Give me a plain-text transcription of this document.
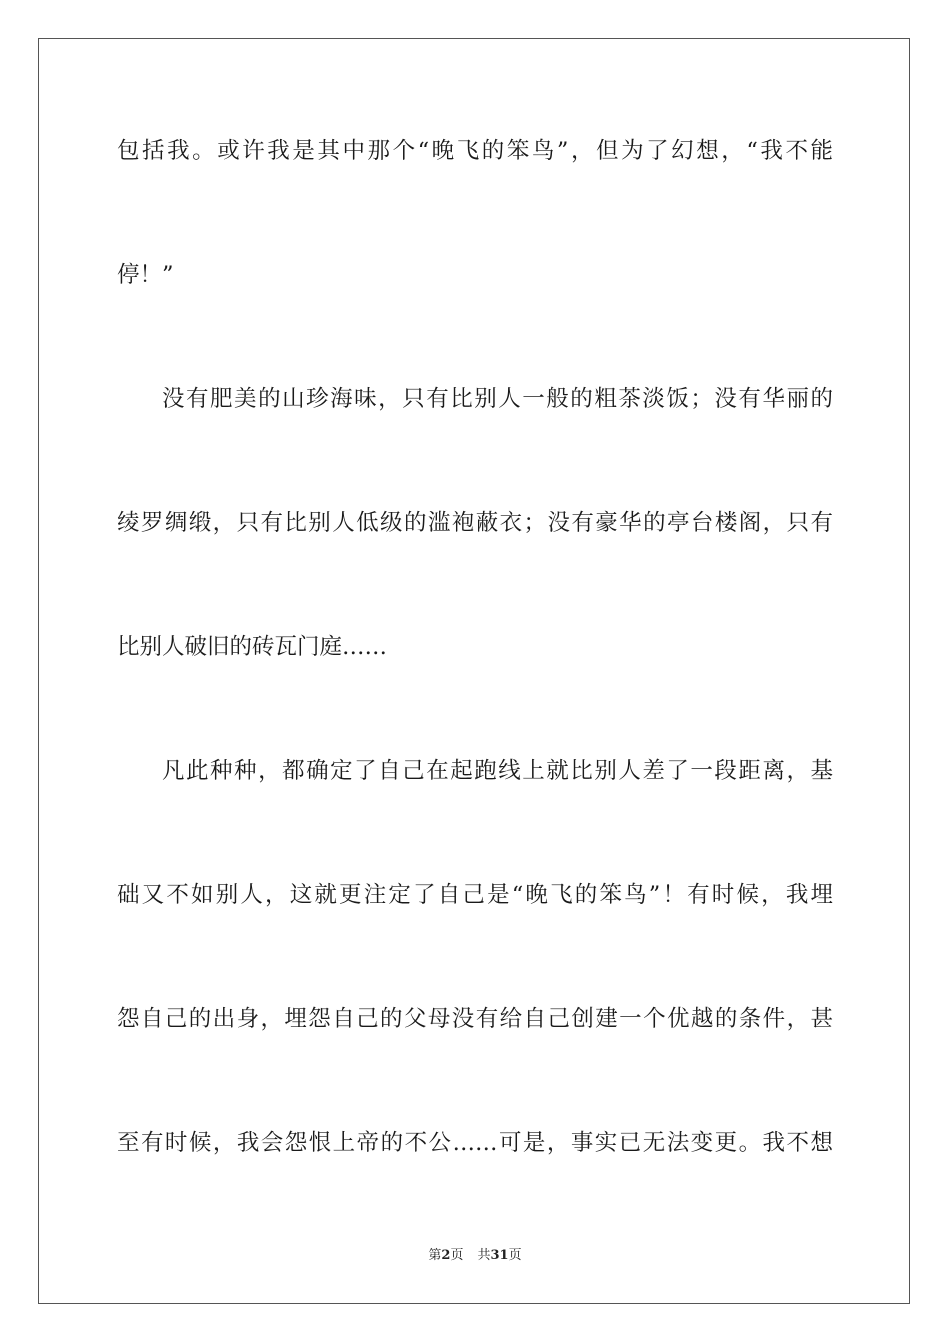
包括我。或许我是其中那个“晚飞的笨鸟”，但为了幻想，“我不能
停！”
没有肥美的山珍海味，只有比别人一般的粗茶淡饭；没有华丽的
绫罗绸缎，只有比别人低级的滥袍蔽衣；没有豪华的亭台楼阁，只有
比别人破旧的砖瓦门庭……
凡此种种，都确定了自己在起跑线上就比别人差了一段距离，基
础又不如别人，这就更注定了自己是“晚飞的笨鸟”！有时候，我埋
怨自己的出身，埋怨自己的父母没有给自己创建一个优越的条件，甚
至有时候，我会怨恨上帝的不公……可是，事实已无法变更。我不想
第2页 共31页
